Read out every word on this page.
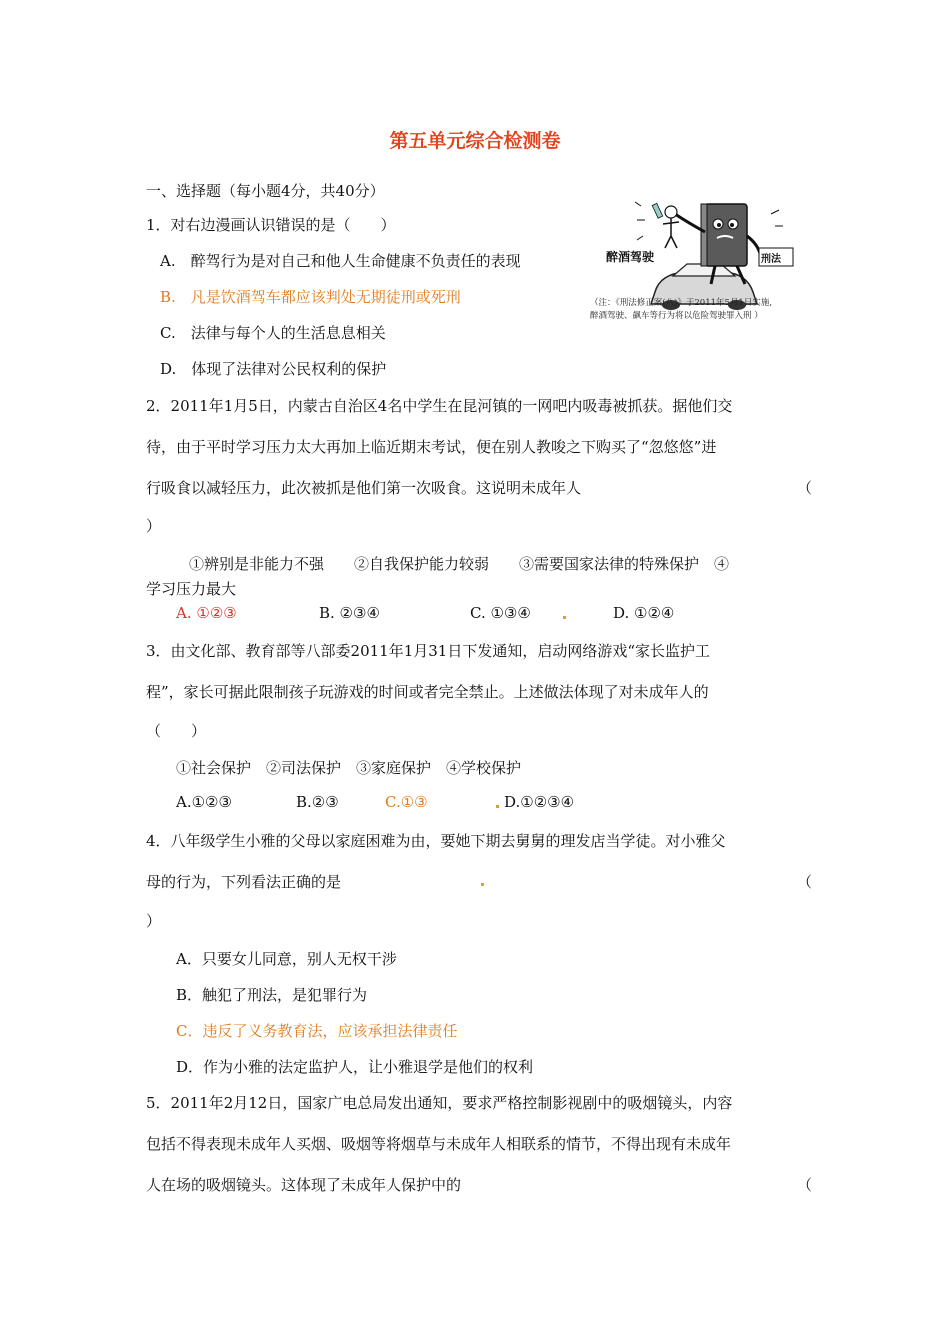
第五单元综合检测卷
一、选择题（每小题4分，共40分）
1．对右边漫画认识错误的是（　　）
A.　醉驾行为是对自己和他人生命健康不负责任的表现
B.　凡是饮酒驾车都应该判处无期徒刑或死刑
C.　法律与每个人的生活息息相关
D.　体现了法律对公民权利的保护
醉酒驾驶	刑法
（注：《刑法修正案(八)》于2011年5月1日实施,
醉酒驾驶、飙车等行为将以危险驾驶罪入刑 ）
2．2011年1月5日，内蒙古自治区4名中学生在昆河镇的一网吧内吸毒被抓获。据他们交
待，由于平时学习压力太大再加上临近期末考试，便在别人教唆之下购买了“忽悠悠”进
行吸食以减轻压力，此次被抓是他们第一次吸食。这说明未成年人	（
）
①辨别是非能力不强　　②自我保护能力较弱　　③需要国家法律的特殊保护　④
学习压力最大
A. ①②③	B. ②③④	C. ①③④	D. ①②④
3．由文化部、教育部等八部委2011年1月31日下发通知，启动网络游戏“家长监护工
程”，家长可据此限制孩子玩游戏的时间或者完全禁止。上述做法体现了对未成年人的
（　　）
①社会保护　②司法保护　③家庭保护　④学校保护
A.①②③	B.②③	C.①③	D.①②③④
4．八年级学生小雅的父母以家庭困难为由，要她下期去舅舅的理发店当学徒。对小雅父
母的行为，下列看法正确的是	（
）
A．只要女儿同意，别人无权干涉
B．触犯了刑法，是犯罪行为
C．违反了义务教育法，应该承担法律责任
D．作为小雅的法定监护人，让小雅退学是他们的权利
5．2011年2月12日，国家广电总局发出通知，要求严格控制影视剧中的吸烟镜头，内容
包括不得表现未成年人买烟、吸烟等将烟草与未成年人相联系的情节，不得出现有未成年
人在场的吸烟镜头。这体现了未成年人保护中的	（
